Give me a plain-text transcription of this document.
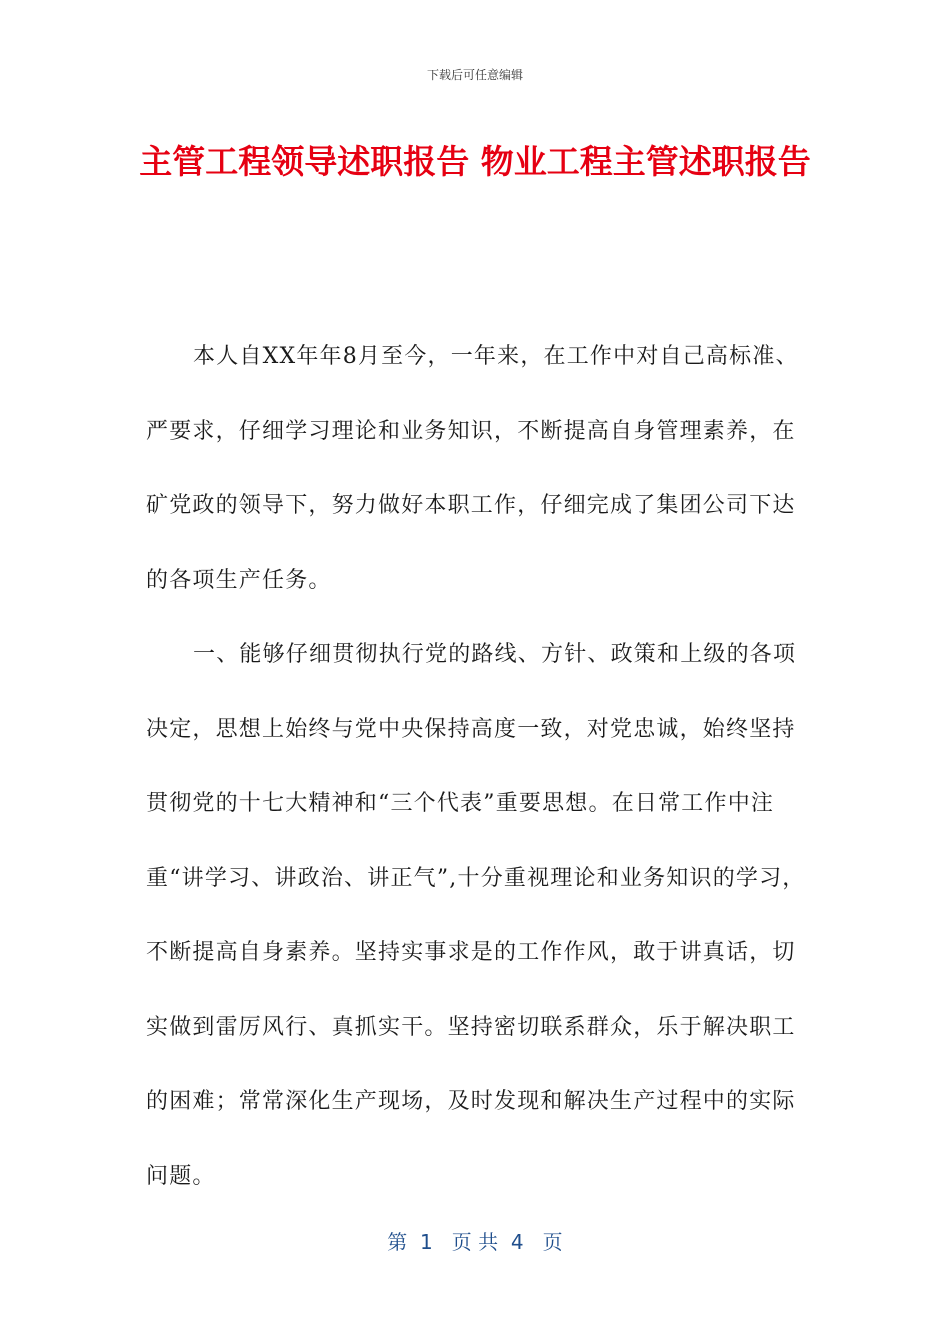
下载后可任意编辑
主管工程领导述职报告 物业工程主管述职报告

本人自XX年年8月至今，一年来，在工作中对自己高标准、严要求，仔细学习理论和业务知识，不断提高自身管理素养，在矿党政的领导下，努力做好本职工作，仔细完成了集团公司下达的各项生产任务。

一、能够仔细贯彻执行党的路线、方针、政策和上级的各项决定，思想上始终与党中央保持高度一致，对党忠诚，始终坚持贯彻党的十七大精神和“三个代表”重要思想。在日常工作中注重“讲学习、讲政治、讲正气”,十分重视理论和业务知识的学习，不断提高自身素养。坚持实事求是的工作作风，敢于讲真话，切实做到雷厉风行、真抓实干。坚持密切联系群众，乐于解决职工的困难；常常深化生产现场，及时发现和解决生产过程中的实际问题。

第  1   页 共  4   页
